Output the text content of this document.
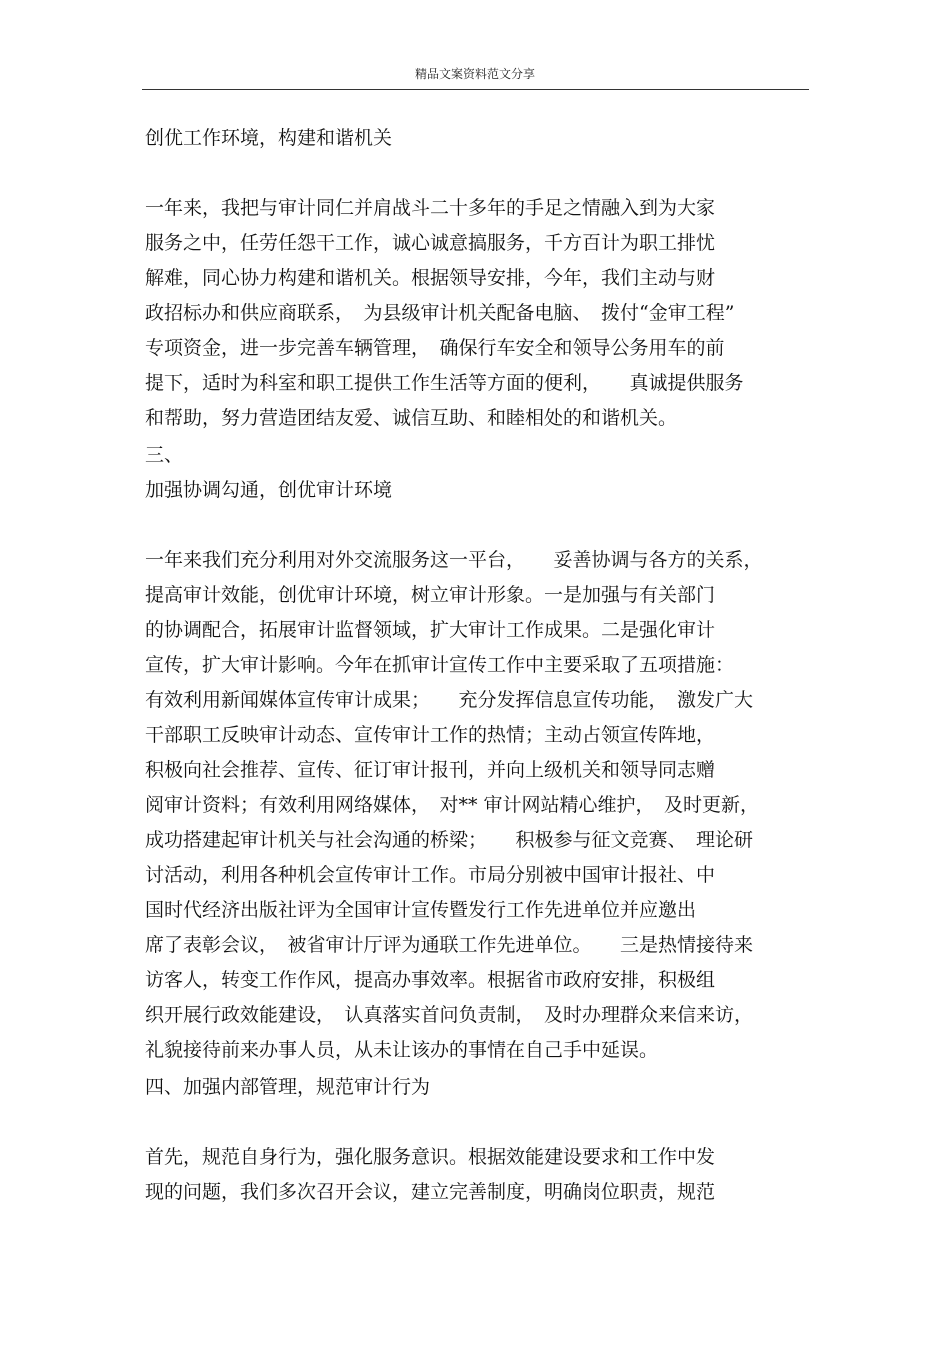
精品文案资料范文分享
创优工作环境，构建和谐机关
一年来，我把与审计同仁并肩战斗二十多年的手足之情融入到为大家
服务之中，任劳任怨干工作，诚心诚意搞服务，千方百计为职工排忧
解难，同心协力构建和谐机关。根据领导安排，今年，我们主动与财
政招标办和供应商联系，　为县级审计机关配备电脑、　拨付“金审工程”
专项资金，进一步完善车辆管理，　确保行车安全和领导公务用车的前
提下，适时为科室和职工提供工作生活等方面的便利，　　真诚提供服务
和帮助，努力营造团结友爱、诚信互助、和睦相处的和谐机关。
三、
加强协调勾通，创优审计环境
一年来我们充分利用对外交流服务这一平台，　　妥善协调与各方的关系，
提高审计效能，创优审计环境，树立审计形象。一是加强与有关部门
的协调配合，拓展审计监督领域，扩大审计工作成果。二是强化审计
宣传，扩大审计影响。今年在抓审计宣传工作中主要采取了五项措施：
有效利用新闻媒体宣传审计成果；　　充分发挥信息宣传功能，　激发广大
干部职工反映审计动态、宣传审计工作的热情；主动占领宣传阵地，
积极向社会推荐、宣传、征订审计报刊，并向上级机关和领导同志赠
阅审计资料；有效利用网络媒体，　对** 审计网站精心维护，　及时更新，
成功搭建起审计机关与社会沟通的桥梁；　　积极参与征文竞赛、　理论研
讨活动，利用各种机会宣传审计工作。市局分别被中国审计报社、中
国时代经济出版社评为全国审计宣传暨发行工作先进单位并应邀出
席了表彰会议，　被省审计厅评为通联工作先进单位。　　三是热情接待来
访客人，转变工作作风，提高办事效率。根据省市政府安排，积极组
织开展行政效能建设，　认真落实首问负责制，　及时办理群众来信来访，
礼貌接待前来办事人员，从未让该办的事情在自己手中延误。
四、加强内部管理，规范审计行为
首先，规范自身行为，强化服务意识。根据效能建设要求和工作中发
现的问题，我们多次召开会议，建立完善制度，明确岗位职责，规范
